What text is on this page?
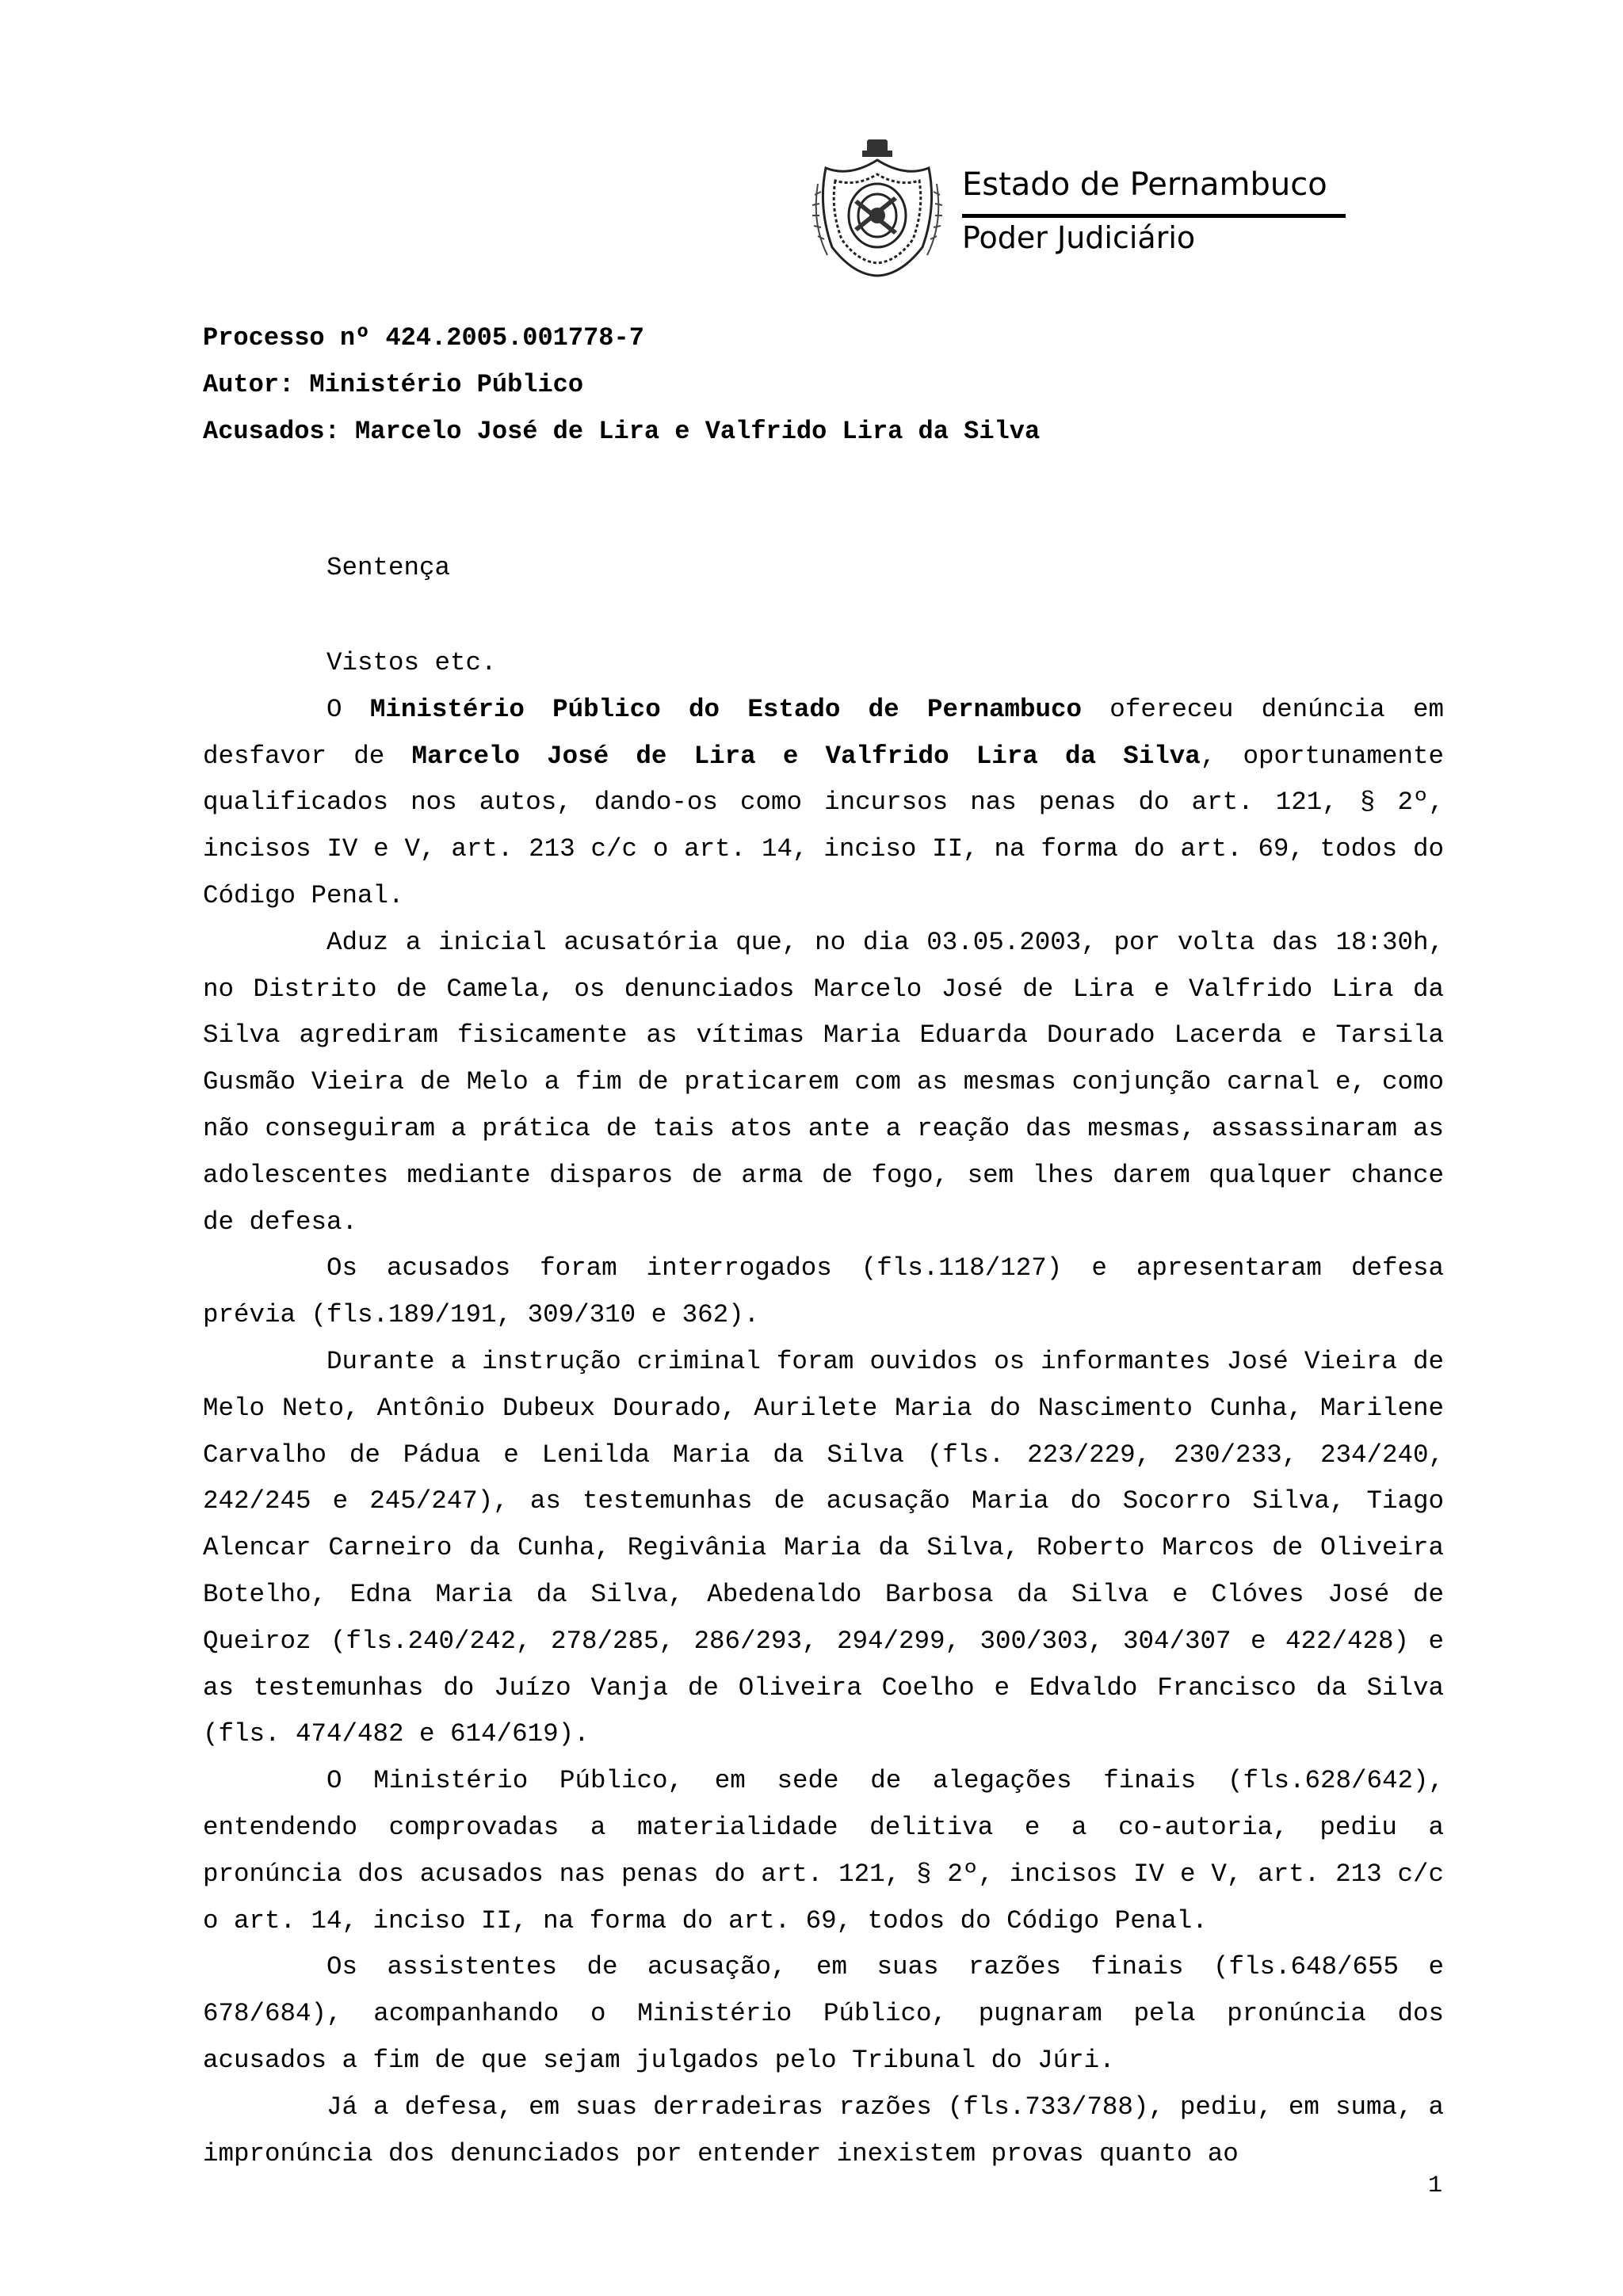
Estado de Pernambuco
Poder Judiciário
Processo nº 424.2005.001778-7
Autor: Ministério Público
Acusados: Marcelo José de Lira e Valfrido Lira da Silva
Sentença

Vistos etc.

O Ministério Público do Estado de Pernambuco ofereceu denúncia em desfavor de Marcelo José de Lira e Valfrido Lira da Silva, oportunamente qualificados nos autos, dando-os como incursos nas penas do art. 121, § 2º, incisos IV e V, art. 213 c/c o art. 14, inciso II, na forma do art. 69, todos do Código Penal.

Aduz a inicial acusatória que, no dia 03.05.2003, por volta das 18:30h, no Distrito de Camela, os denunciados Marcelo José de Lira e Valfrido Lira da Silva agrediram fisicamente as vítimas Maria Eduarda Dourado Lacerda e Tarsila Gusmão Vieira de Melo a fim de praticarem com as mesmas conjunção carnal e, como não conseguiram a prática de tais atos ante a reação das mesmas, assassinaram as adolescentes mediante disparos de arma de fogo, sem lhes darem qualquer chance de defesa.

Os acusados foram interrogados (fls.118/127) e apresentaram defesa prévia (fls.189/191, 309/310 e 362).

Durante a instrução criminal foram ouvidos os informantes José Vieira de Melo Neto, Antônio Dubeux Dourado, Aurilete Maria do Nascimento Cunha, Marilene Carvalho de Pádua e Lenilda Maria da Silva (fls. 223/229, 230/233, 234/240, 242/245 e 245/247), as testemunhas de acusação Maria do Socorro Silva, Tiago Alencar Carneiro da Cunha, Regivânia Maria da Silva, Roberto Marcos de Oliveira Botelho, Edna Maria da Silva, Abedenaldo Barbosa da Silva e Clóves José de Queiroz (fls.240/242, 278/285, 286/293, 294/299, 300/303, 304/307 e 422/428) e as testemunhas do Juízo Vanja de Oliveira Coelho e Edvaldo Francisco da Silva (fls. 474/482 e 614/619).

O Ministério Público, em sede de alegações finais (fls.628/642), entendendo comprovadas a materialidade delitiva e a co-autoria, pediu a pronúncia dos acusados nas penas do art. 121, § 2º, incisos IV e V, art. 213 c/c o art. 14, inciso II, na forma do art. 69, todos do Código Penal.

Os assistentes de acusação, em suas razões finais (fls.648/655 e 678/684), acompanhando o Ministério Público, pugnaram pela pronúncia dos acusados a fim de que sejam julgados pelo Tribunal do Júri.

Já a defesa, em suas derradeiras razões (fls.733/788), pediu, em suma, a impronúncia dos denunciados por entender inexistem provas quanto ao

1
